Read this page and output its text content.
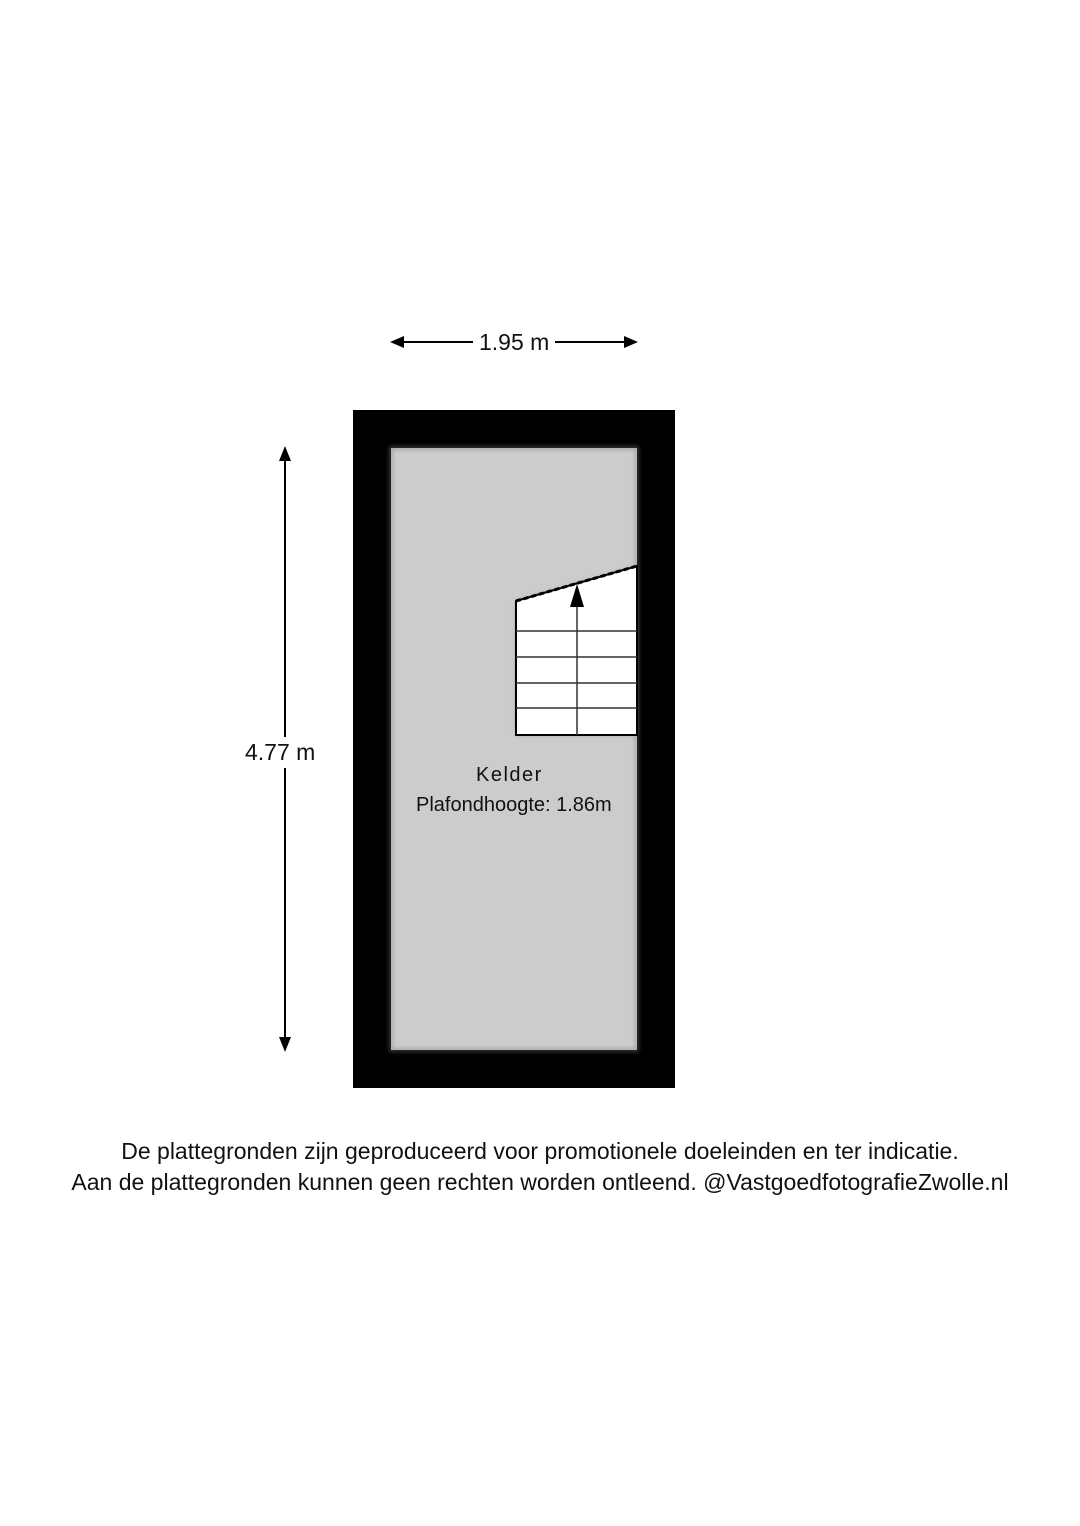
1.95 m
4.77 m
Kelder
Plafondhoogte: 1.86m
De plattegronden zijn geproduceerd voor promotionele doeleinden en ter indicatie.
Aan de plattegronden kunnen geen rechten worden ontleend. @VastgoedfotografieZwolle.nl
